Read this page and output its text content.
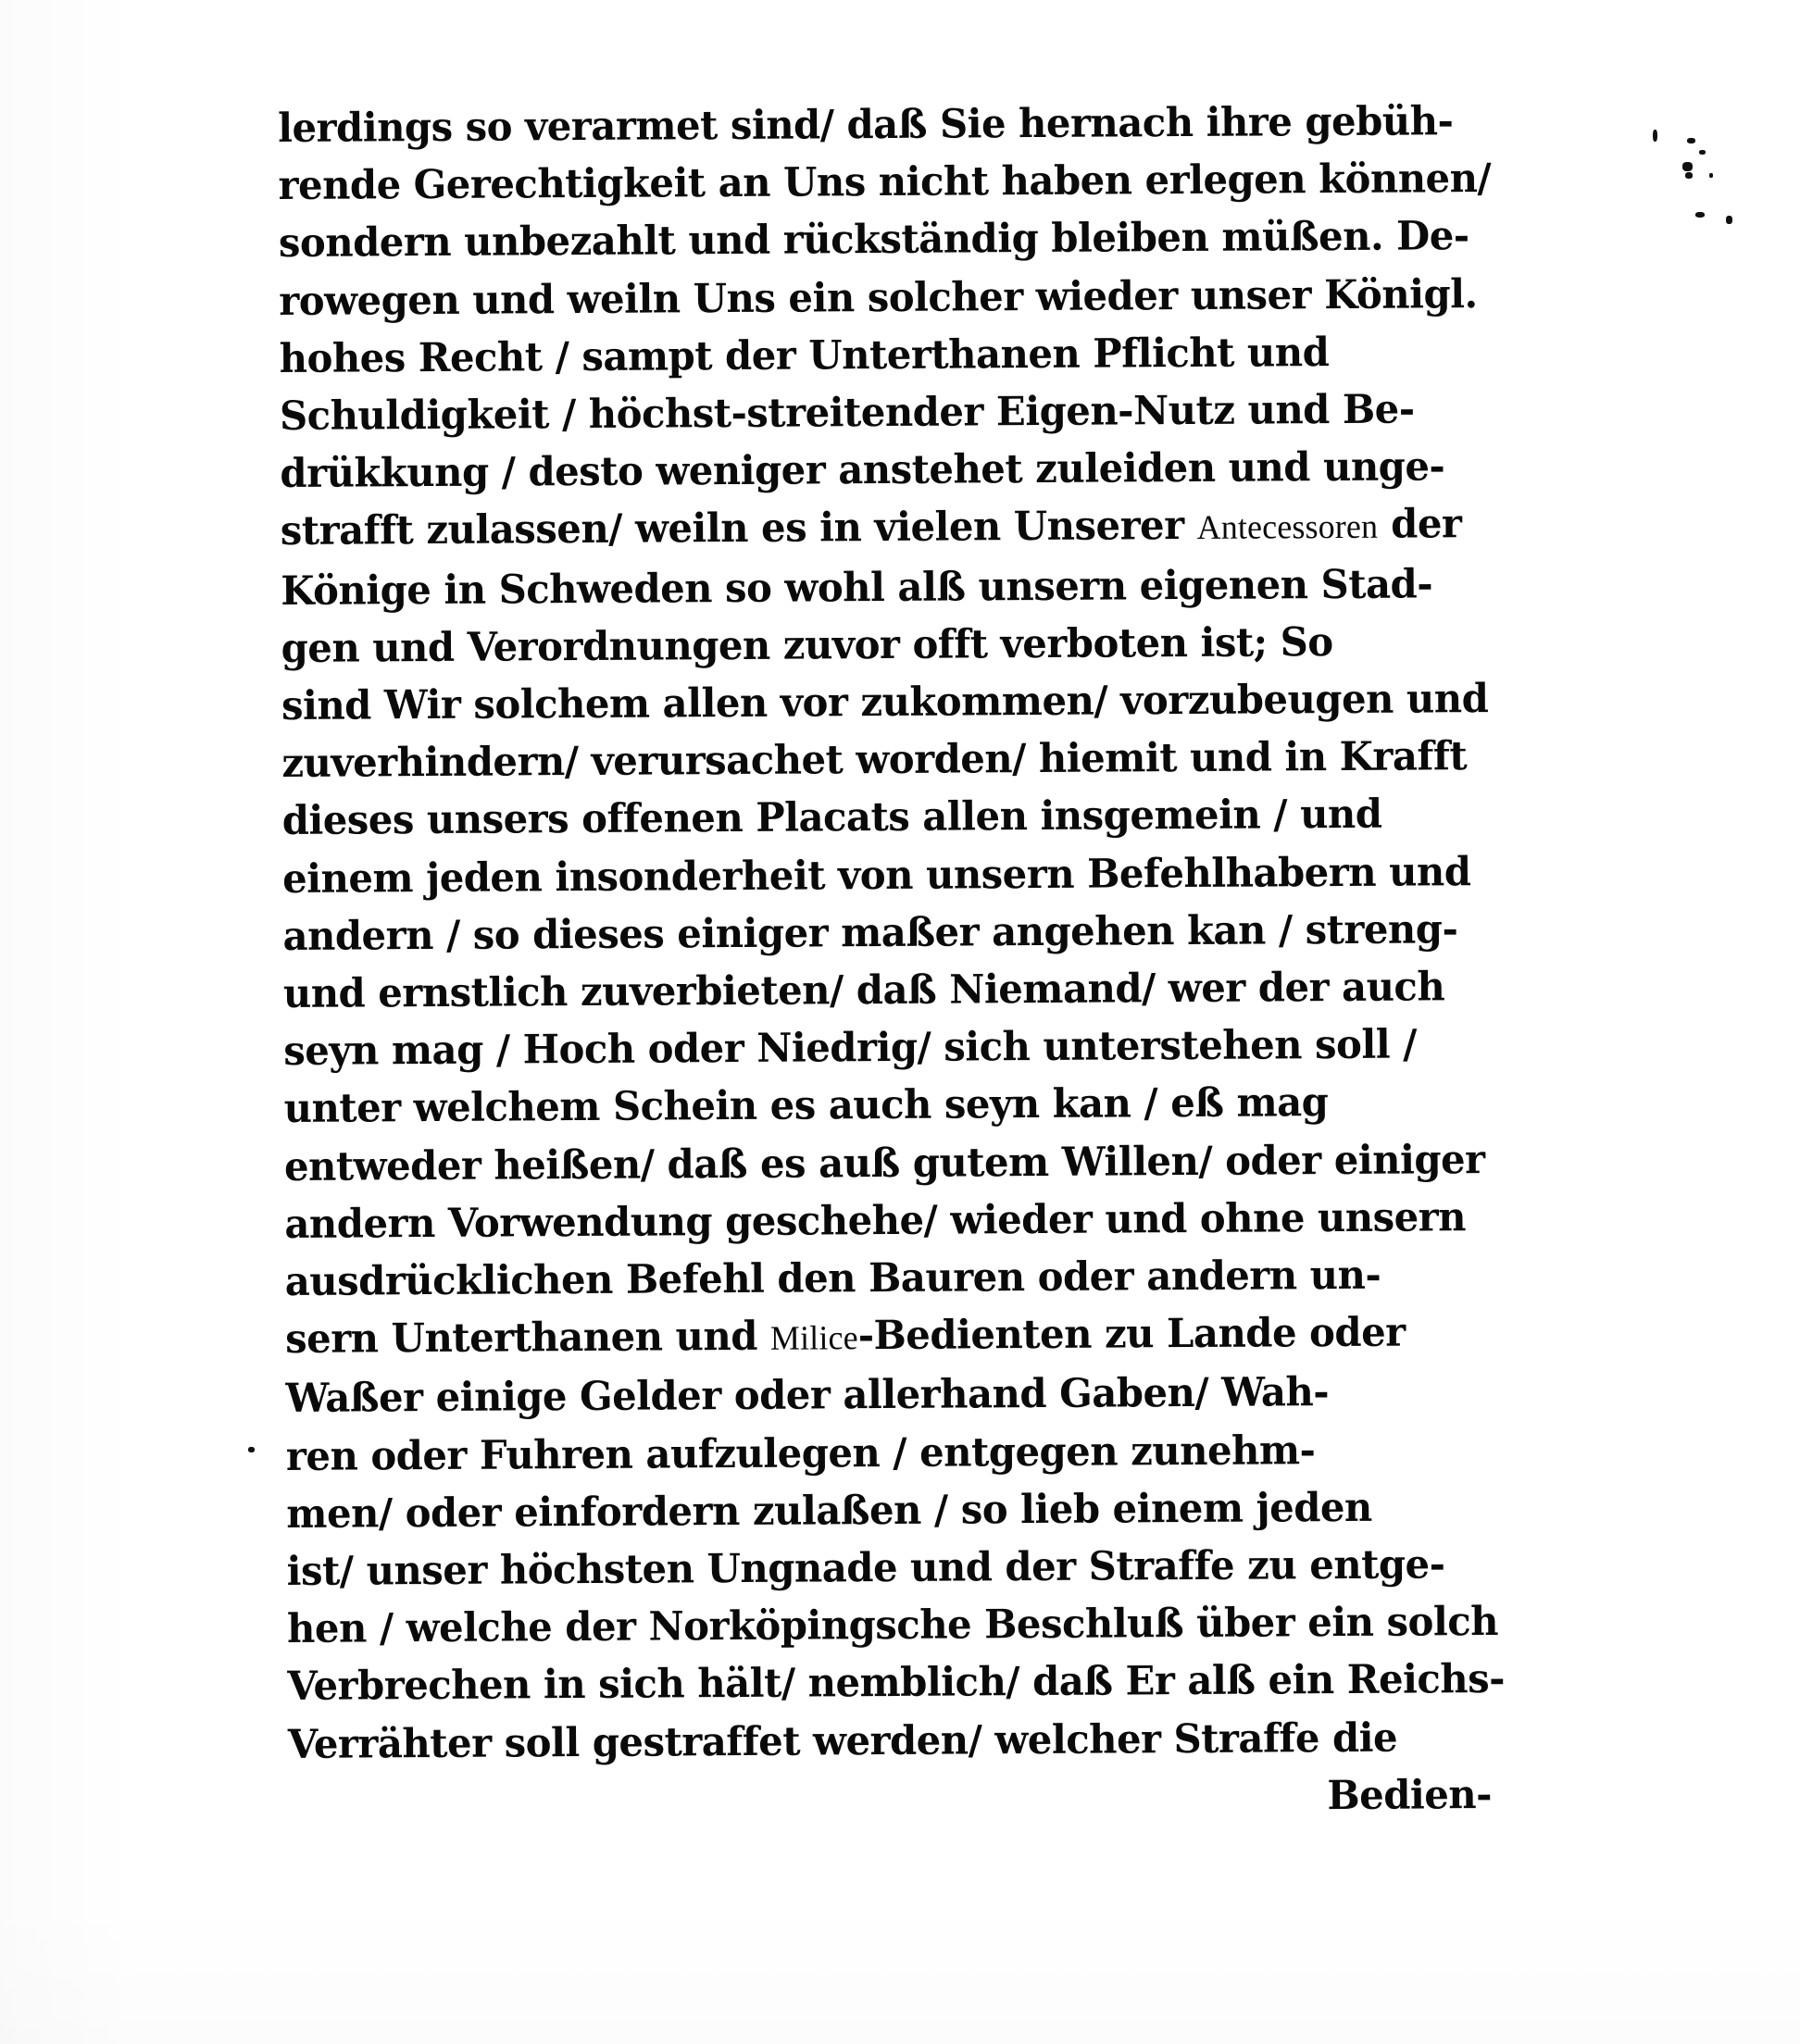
lerdings so verarmet sind/ daß Sie hernach ihre gebüh-
rende Gerechtigkeit an Uns nicht haben erlegen können/
sondern unbezahlt und rückständig bleiben müßen. De-
rowegen und weiln Uns ein solcher wieder unser Königl.
hohes Recht / sampt der Unterthanen Pflicht und
Schuldigkeit / höchst-streitender Eigen-Nutz und Be-
drükkung / desto weniger anstehet zuleiden und unge-
strafft zulassen/ weiln es in vielen Unserer Antecessoren der
Könige in Schweden so wohl alß unsern eigenen Stad-
gen und Verordnungen zuvor offt verboten ist; So
sind Wir solchem allen vor zukommen/ vorzubeugen und
zuverhindern/ verursachet worden/ hiemit und in Krafft
dieses unsers offenen Placats allen insgemein / und
einem jeden insonderheit von unsern Befehlhabern und
andern / so dieses einiger maßer angehen kan / streng-
und ernstlich zuverbieten/ daß Niemand/ wer der auch
seyn mag / Hoch oder Niedrig/ sich unterstehen soll /
unter welchem Schein es auch seyn kan / eß mag
entweder heißen/ daß es auß gutem Willen/ oder einiger
andern Vorwendung geschehe/ wieder und ohne unsern
ausdrücklichen Befehl den Bauren oder andern un-
sern Unterthanen und Milice-Bedienten zu Lande oder
Waßer einige Gelder oder allerhand Gaben/ Wah-
ren oder Fuhren aufzulegen / entgegen zunehm-
men/ oder einfordern zulaßen / so lieb einem jeden
ist/ unser höchsten Ungnade und der Straffe zu entge-
hen / welche der Norköpingsche Beschluß über ein solch
Verbrechen in sich hält/ nemblich/ daß Er alß ein Reichs-
Verrähter soll gestraffet werden/ welcher Straffe die
Bedien-
